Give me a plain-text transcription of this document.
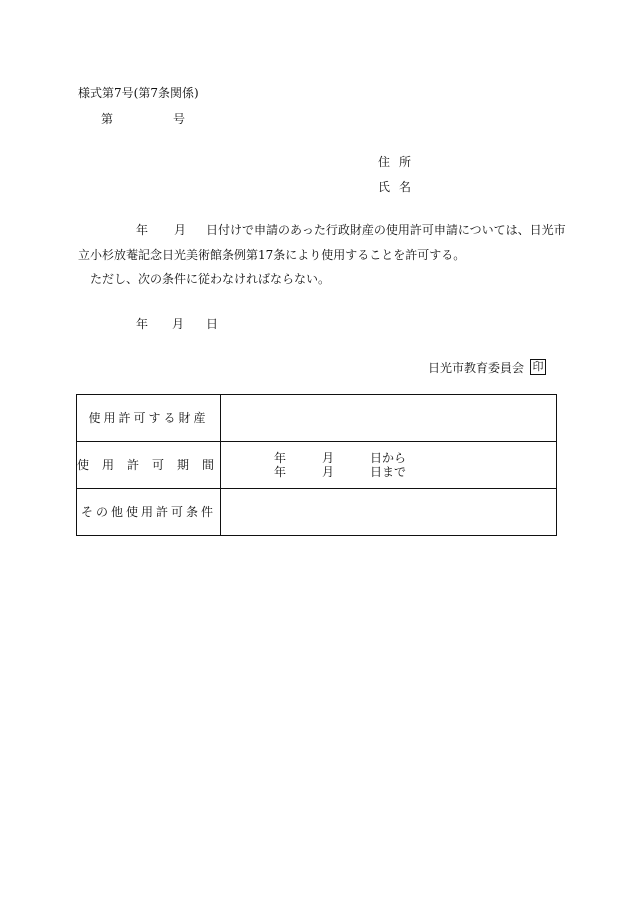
様式第7号(第7条関係)
第	号
住所
氏名
年 月 日付けで申請のあった行政財産の使用許可申請については、日光市
立小杉放菴記念日光美術館条例第17条により使用することを許可する。
ただし、次の条件に従わなければならない。
年 月 日
日光市教育委員会 印
使用許可する財産	
使用許可期間	年 月 日から
年 月 日まで

その他使用許可条件	
